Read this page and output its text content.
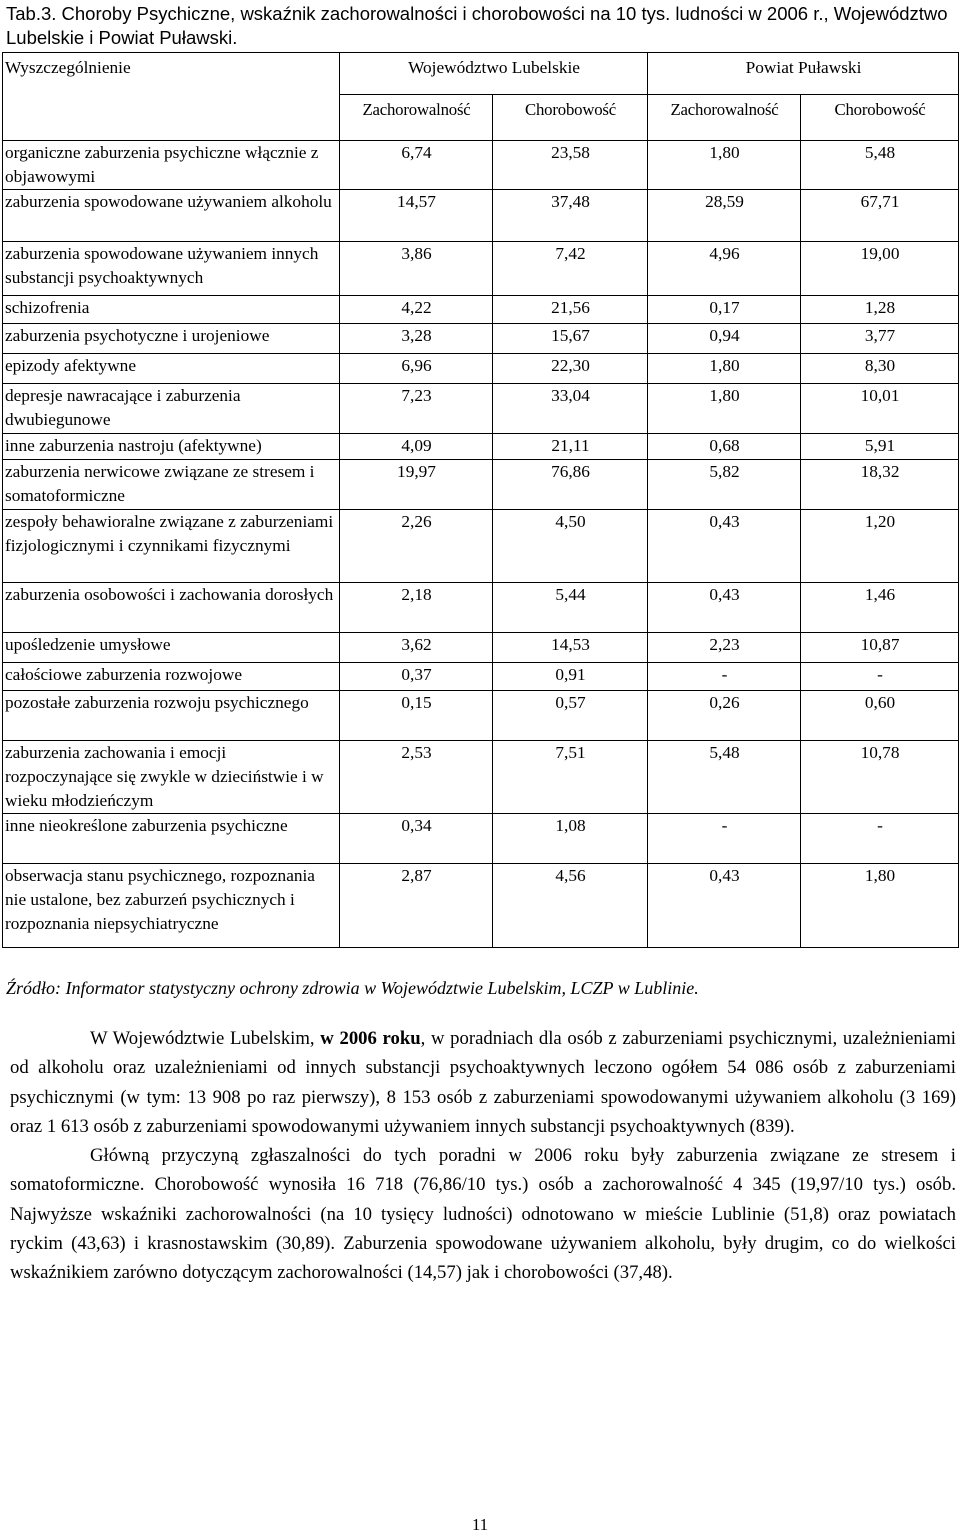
Tab.3. Choroby Psychiczne, wskaźnik zachorowalności i chorobowości na 10 tys. ludności w 2006 r., Województwo Lubelskie i Powiat Puławski.
Wyszczególnienie	Województwo Lubelskie		Powiat Puławski	
	Zachorowalność	Chorobowość	Zachorowalność	Chorobowość
organiczne zaburzenia psychiczne włącznie z objawowymi	6,74	23,58	1,80	5,48
zaburzenia spowodowane używaniem alkoholu	14,57	37,48	28,59	67,71
zaburzenia spowodowane używaniem innych substancji psychoaktywnych	3,86	7,42	4,96	19,00
schizofrenia	4,22	21,56	0,17	1,28
zaburzenia psychotyczne i urojeniowe	3,28	15,67	0,94	3,77
epizody afektywne	6,96	22,30	1,80	8,30
depresje nawracające i zaburzenia dwubiegunowe	7,23	33,04	1,80	10,01
inne zaburzenia nastroju (afektywne)	4,09	21,11	0,68	5,91
zaburzenia nerwicowe związane ze stresem i somatoformiczne	19,97	76,86	5,82	18,32
zespoły behawioralne związane z zaburzeniami fizjologicznymi i czynnikami fizycznymi	2,26	4,50	0,43	1,20
zaburzenia osobowości i zachowania dorosłych	2,18	5,44	0,43	1,46
upośledzenie umysłowe	3,62	14,53	2,23	10,87
całościowe zaburzenia rozwojowe	0,37	0,91	-	-
pozostałe zaburzenia rozwoju psychicznego	0,15	0,57	0,26	0,60
zaburzenia zachowania i emocji rozpoczynające się zwykle w dzieciństwie i w wieku młodzieńczym	2,53	7,51	5,48	10,78
inne nieokreślone zaburzenia psychiczne	0,34	1,08	-	-
obserwacja stanu psychicznego, rozpoznania nie ustalone, bez zaburzeń psychicznych i rozpoznania niepsychiatryczne	2,87	4,56	0,43	1,80
Źródło: Informator statystyczny ochrony zdrowia w Województwie Lubelskim, LCZP w Lublinie.

W Województwie Lubelskim, w 2006 roku, w poradniach dla osób z zaburzeniami psychicznymi, uzależnieniami od alkoholu oraz uzależnieniami od innych substancji psychoaktywnych leczono ogółem 54 086 osób z zaburzeniami psychicznymi (w tym: 13 908 po raz pierwszy), 8 153 osób z zaburzeniami spowodowanymi używaniem alkoholu (3 169) oraz 1 613 osób z zaburzeniami spowodowanymi używaniem innych substancji psychoaktywnych (839).

Główną przyczyną zgłaszalności do tych poradni w 2006 roku były zaburzenia związane ze stresem i somatoformiczne. Chorobowość wynosiła 16 718 (76,86/10 tys.) osób a zachorowalność 4 345 (19,97/10 tys.) osób. Najwyższe wskaźniki zachorowalności (na 10 tysięcy ludności) odnotowano w mieście Lublinie (51,8) oraz powiatach ryckim (43,63) i krasnostawskim (30,89). Zaburzenia spowodowane używaniem alkoholu, były drugim, co do wielkości wskaźnikiem zarówno dotyczącym zachorowalności (14,57) jak i chorobowości (37,48).

11
